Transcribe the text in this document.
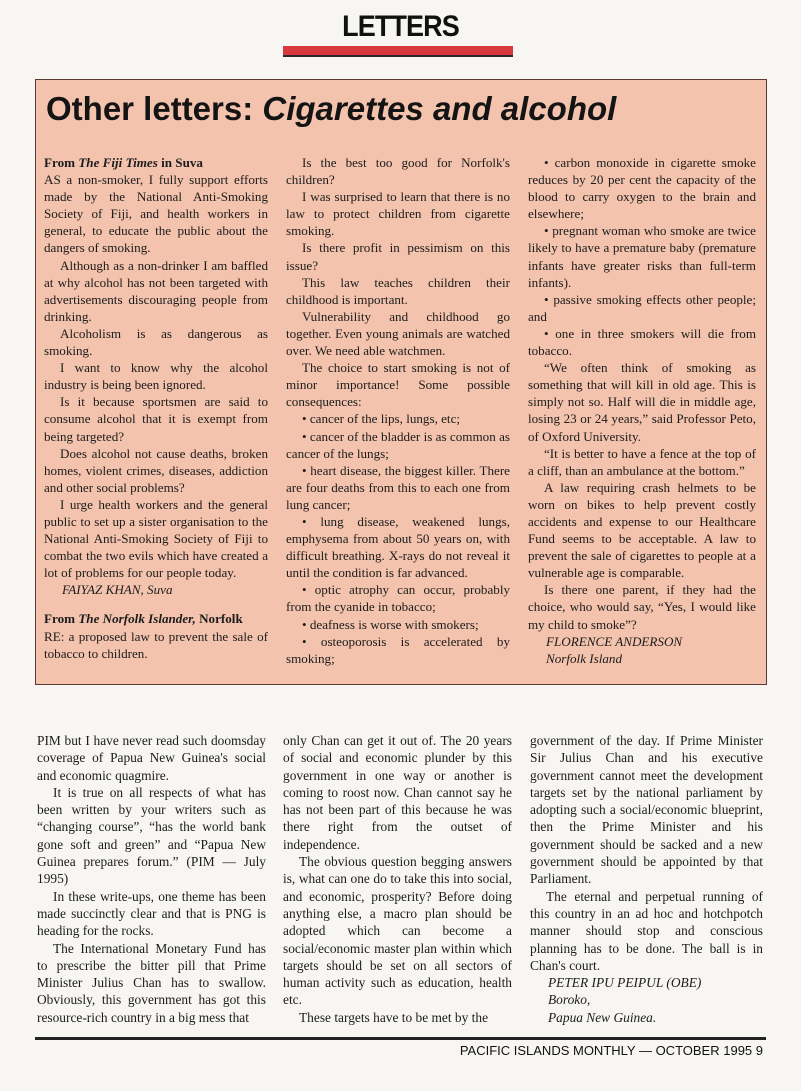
LETTERS
Other letters: Cigarettes and alcohol

From The Fiji Times in Suva

AS a non-smoker, I fully support efforts made by the National Anti-Smoking Society of Fiji, and health workers in general, to educate the public about the dangers of smoking.

Although as a non-drinker I am baffled at why alcohol has not been targeted with advertisements discouraging people from drinking.

Alcoholism is as dangerous as smoking.

I want to know why the alcohol industry is being been ignored.

Is it because sportsmen are said to consume alcohol that it is exempt from being targeted?

Does alcohol not cause deaths, broken homes, violent crimes, diseases, addiction and other social problems?

I urge health workers and the general public to set up a sister organisation to the National Anti-Smoking Society of Fiji to combat the two evils which have created a lot of problems for our people today.

FAIYAZ KHAN, Suva

From The Norfolk Islander, Norfolk

RE: a proposed law to prevent the sale of tobacco to children.

Is the best too good for Norfolk's children?

I was surprised to learn that there is no law to protect children from cigarette smoking.

Is there profit in pessimism on this issue?

This law teaches children their childhood is important.

Vulnerability and childhood go together. Even young animals are watched over. We need able watchmen.

The choice to start smoking is not of minor importance! Some possible consequences:

• cancer of the lips, lungs, etc;

• cancer of the bladder is as common as cancer of the lungs;

• heart disease, the biggest killer. There are four deaths from this to each one from lung cancer;

• lung disease, weakened lungs, emphysema from about 50 years on, with difficult breathing. X-rays do not reveal it until the condition is far advanced.

• optic atrophy can occur, probably from the cyanide in tobacco;

• deafness is worse with smokers;

• osteoporosis is accelerated by smoking;

• carbon monoxide in cigarette smoke reduces by 20 per cent the capacity of the blood to carry oxygen to the brain and elsewhere;

• pregnant woman who smoke are twice likely to have a premature baby (premature infants have greater risks than full-term infants).

• passive smoking effects other people; and

• one in three smokers will die from tobacco.

“We often think of smoking as something that will kill in old age. This is simply not so. Half will die in middle age, losing 23 or 24 years,” said Professor Peto, of Oxford University.

“It is better to have a fence at the top of a cliff, than an ambulance at the bottom.”

A law requiring crash helmets to be worn on bikes to help prevent costly accidents and expense to our Healthcare Fund seems to be acceptable. A law to prevent the sale of cigarettes to people at a vulnerable age is comparable.

Is there one parent, if they had the choice, who would say, “Yes, I would like my child to smoke”?

FLORENCE ANDERSON

Norfolk Island

PIM but I have never read such doomsday coverage of Papua New Guinea's social and economic quagmire.

It is true on all respects of what has been written by your writers such as “changing course”, “has the world bank gone soft and green” and “Papua New Guinea prepares forum.” (PIM — July 1995)

In these write-ups, one theme has been made succinctly clear and that is PNG is heading for the rocks.

The International Monetary Fund has to prescribe the bitter pill that Prime Minister Julius Chan has to swallow. Obviously, this government has got this resource-rich country in a big mess that

only Chan can get it out of. The 20 years of social and economic plunder by this government in one way or another is coming to roost now. Chan cannot say he has not been part of this because he was there right from the outset of independence.

The obvious question begging answers is, what can one do to take this into social, and economic, prosperity? Before doing anything else, a macro plan should be adopted which can become a social/economic master plan within which targets should be set on all sectors of human activity such as education, health etc.

These targets have to be met by the

government of the day. If Prime Minister Sir Julius Chan and his executive government cannot meet the development targets set by the national parliament by adopting such a social/economic blueprint, then the Prime Minister and his government should be sacked and a new government should be appointed by that Parliament.

The eternal and perpetual running of this country in an ad hoc and hotchpotch manner should stop and conscious planning has to be done. The ball is in Chan's court.

PETER IPU PEIPUL (OBE)

Boroko,

Papua New Guinea.

PACIFIC ISLANDS MONTHLY — OCTOBER 1995 9
